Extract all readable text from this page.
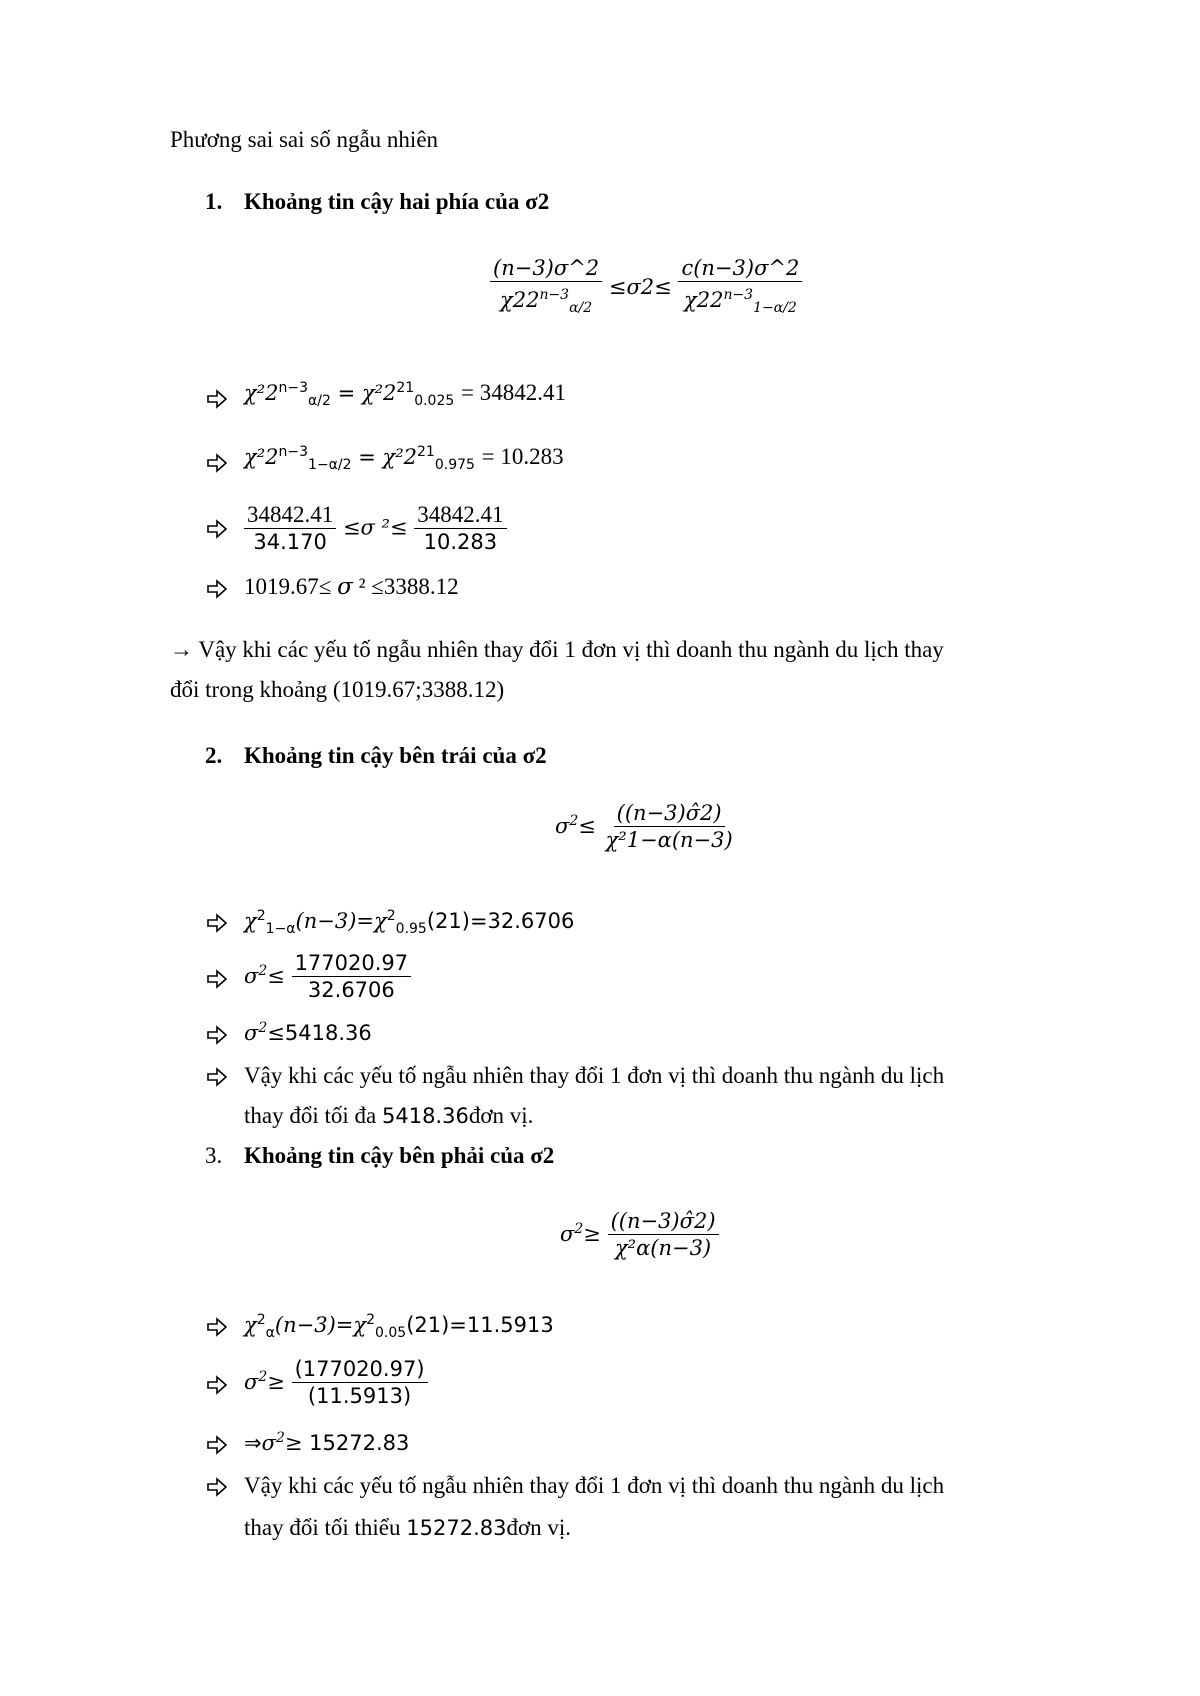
Phương sai sai số ngẫu nhiên
1. Khoảng tin cậy hai phía của σ2
$\frac{(n-3)\sigma\^{}2}{\chi 22^{n-3}_{\alpha/2}} \le\sigma 2\le \frac{c(n-3)\sigma\^{}2}{\chi 22^{n-3}_{1-\alpha/2}}$
$\chi^22^{n-3}_{\alpha/2} = \chi^22^{21}_{0.025} = 34842.41$
$\chi^22^{n-3}_{1-\alpha/2} = \chi^22^{21}_{0.975} = 10.283$
$\frac{34842.41}{34.170} \le\sigma$ $^2\le \frac{34842.41}{10.283}$
1019.67≤ σ ² ≤3388.12
→ Vậy khi các yếu tố ngẫu nhiên thay đổi 1 đơn vị thì doanh thu ngành du lịch thay
đổi trong khoảng (1019.67;3388.12)
2. Khoảng tin cậy bên trái của σ2
$\sigma^2\le \frac{((n-3)\sigmâ2)}{\text{χ²1−α(n−3)}}$
$\chi^2_{1-\alpha}(n-3)=\chi^2_{0.95}(21)=32.6706$
$\sigma^2\le \frac{177020.97}{32.6706}$
$\sigma^2\le 5418.36$
Vậy khi các yếu tố ngẫu nhiên thay đổi 1 đơn vị thì doanh thu ngành du lịch
thay đổi tối đa 5418.36đơn vị.
3. Khoảng tin cậy bên phải của σ2
$\sigma^2\ge \frac{((n-3)\sigmâ2)}{\text{χ²α(n−3)}}$
$\chi^2_\alpha(n-3)=\chi^2_{0.05}(21)=11.5913$
$\sigma^2\ge \frac{(177020.97)}{(11.5913)}$
$\Rightarrow\sigma^2\ge 15272.83$
Vậy khi các yếu tố ngẫu nhiên thay đổi 1 đơn vị thì doanh thu ngành du lịch
thay đổi tối thiểu 15272.83đơn vị.
